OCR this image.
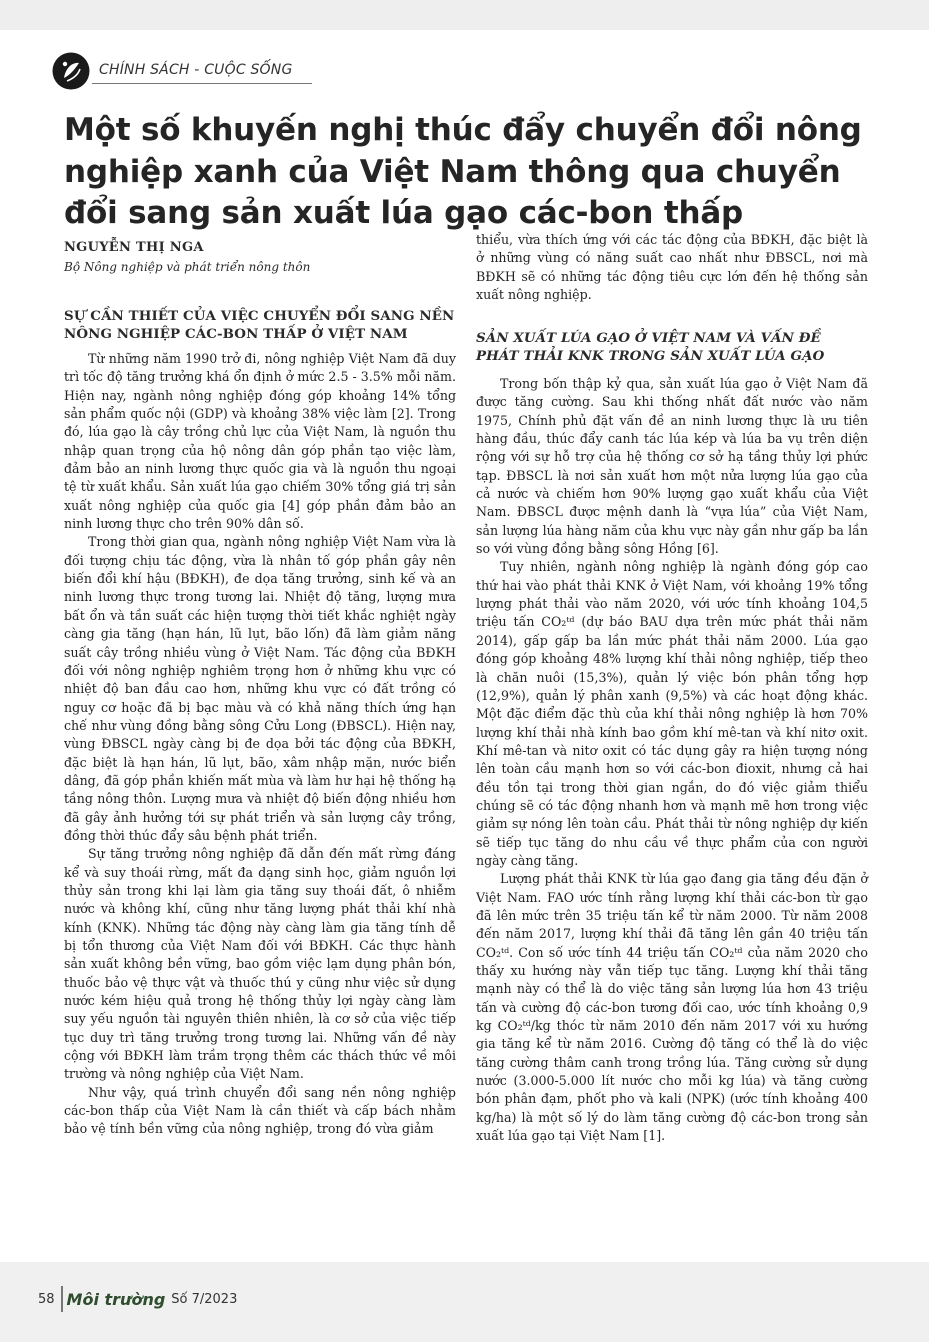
CHÍNH SÁCH - CUỘC SỐNG
Một số khuyến nghị thúc đẩy chuyển đổi nông nghiệp xanh của Việt Nam thông qua chuyển đổi sang sản xuất lúa gạo các-bon thấp
NGUYỄN THỊ NGA
Bộ Nông nghiệp và phát triển nông thôn
SỰ CẦN THIẾT CỦA VIỆC CHUYỂN ĐỔI SANG NỀN NÔNG NGHIỆP CÁC-BON THẤP Ở VIỆT NAM

Từ những năm 1990 trở đi, nông nghiệp Việt Nam đã duy trì tốc độ tăng trưởng khá ổn định ở mức 2.5 - 3.5% mỗi năm. Hiện nay, ngành nông nghiệp đóng góp khoảng 14% tổng sản phẩm quốc nội (GDP) và khoảng 38% việc làm [2]. Trong đó, lúa gạo là cây trồng chủ lực của Việt Nam, là nguồn thu nhập quan trọng của hộ nông dân góp phần tạo việc làm, đảm bảo an ninh lương thực quốc gia và là nguồn thu ngoại tệ từ xuất khẩu. Sản xuất lúa gạo chiếm 30% tổng giá trị sản xuất nông nghiệp của quốc gia [4] góp phần đảm bảo an ninh lương thực cho trên 90% dân số.

Trong thời gian qua, ngành nông nghiệp Việt Nam vừa là đối tượng chịu tác động, vừa là nhân tố góp phần gây nên biến đổi khí hậu (BĐKH), đe dọa tăng trưởng, sinh kế và an ninh lương thực trong tương lai. Nhiệt độ tăng, lượng mưa bất ổn và tần suất các hiện tượng thời tiết khắc nghiệt ngày càng gia tăng (hạn hán, lũ lụt, bão lốn) đã làm giảm năng suất cây trồng nhiều vùng ở Việt Nam. Tác động của BĐKH đối với nông nghiệp nghiêm trọng hơn ở những khu vực có nhiệt độ ban đầu cao hơn, những khu vực có đất trồng có nguy cơ hoặc đã bị bạc màu và có khả năng thích ứng hạn chế như vùng đồng bằng sông Cửu Long (ĐBSCL). Hiện nay, vùng ĐBSCL ngày càng bị đe dọa bởi tác động của BĐKH, đặc biệt là hạn hán, lũ lụt, bão, xâm nhập mặn, nước biển dâng, đã góp phần khiến mất mùa và làm hư hại hệ thống hạ tầng nông thôn. Lượng mưa và nhiệt độ biến động nhiều hơn đã gây ảnh hưởng tới sự phát triển và sản lượng cây trồng, đồng thời thúc đẩy sâu bệnh phát triển.

Sự tăng trưởng nông nghiệp đã dẫn đến mất rừng đáng kể và suy thoái rừng, mất đa dạng sinh học, giảm nguồn lợi thủy sản trong khi lại làm gia tăng suy thoái đất, ô nhiễm nước và không khí, cũng như tăng lượng phát thải khí nhà kính (KNK). Những tác động này càng làm gia tăng tính dễ bị tổn thương của Việt Nam đối với BĐKH. Các thực hành sản xuất không bền vững, bao gồm việc lạm dụng phân bón, thuốc bảo vệ thực vật và thuốc thú y cũng như việc sử dụng nước kém hiệu quả trong hệ thống thủy lợi ngày càng làm suy yếu nguồn tài nguyên thiên nhiên, là cơ sở của việc tiếp tục duy trì tăng trưởng trong tương lai. Những vấn đề này cộng với BĐKH làm trầm trọng thêm các thách thức về môi trường và nông nghiệp của Việt Nam.

Như vậy, quá trình chuyển đổi sang nền nông nghiệp các-bon thấp của Việt Nam là cần thiết và cấp bách nhằm bảo vệ tính bền vững của nông nghiệp, trong đó vừa giảm

thiểu, vừa thích ứng với các tác động của BĐKH, đặc biệt là ở những vùng có năng suất cao nhất như ĐBSCL, nơi mà BĐKH sẽ có những tác động tiêu cực lớn đến hệ thống sản xuất nông nghiệp.

SẢN XUẤT LÚA GẠO Ở VIỆT NAM VÀ VẤN ĐỀ PHÁT THẢI KNK TRONG SẢN XUẤT LÚA GẠO

Trong bốn thập kỷ qua, sản xuất lúa gạo ở Việt Nam đã được tăng cường. Sau khi thống nhất đất nước vào năm 1975, Chính phủ đặt vấn đề an ninh lương thực là ưu tiên hàng đầu, thúc đẩy canh tác lúa kép và lúa ba vụ trên diện rộng với sự hỗ trợ của hệ thống cơ sở hạ tầng thủy lợi phức tạp. ĐBSCL là nơi sản xuất hơn một nửa lượng lúa gạo của cả nước và chiếm hơn 90% lượng gạo xuất khẩu của Việt Nam. ĐBSCL được mệnh danh là “vựa lúa” của Việt Nam, sản lượng lúa hàng năm của khu vực này gần như gấp ba lần so với vùng đồng bằng sông Hồng [6].

Tuy nhiên, ngành nông nghiệp là ngành đóng góp cao thứ hai vào phát thải KNK ở Việt Nam, với khoảng 19% tổng lượng phát thải vào năm 2020, với ước tính khoảng 104,5 triệu tấn CO₂ᵗᵈ (dự báo BAU dựa trên mức phát thải năm 2014), gấp gấp ba lần mức phát thải năm 2000. Lúa gạo đóng góp khoảng 48% lượng khí thải nông nghiệp, tiếp theo là chăn nuôi (15,3%), quản lý việc bón phân tổng hợp (12,9%), quản lý phân xanh (9,5%) và các hoạt động khác. Một đặc điểm đặc thù của khí thải nông nghiệp là hơn 70% lượng khí thải nhà kính bao gồm khí mê-tan và khí nitơ oxit. Khí mê-tan và nitơ oxit có tác dụng gây ra hiện tượng nóng lên toàn cầu mạnh hơn so với các-bon đioxit, nhưng cả hai đều tồn tại trong thời gian ngắn, do đó việc giảm thiểu chúng sẽ có tác động nhanh hơn và mạnh mẽ hơn trong việc giảm sự nóng lên toàn cầu. Phát thải từ nông nghiệp dự kiến sẽ tiếp tục tăng do nhu cầu về thực phẩm của con người ngày càng tăng.

Lượng phát thải KNK từ lúa gạo đang gia tăng đều đặn ở Việt Nam. FAO ước tính rằng lượng khí thải các-bon từ gạo đã lên mức trên 35 triệu tấn kể từ năm 2000. Từ năm 2008 đến năm 2017, lượng khí thải đã tăng lên gần 40 triệu tấn CO₂ᵗᵈ. Con số ước tính 44 triệu tấn CO₂ᵗᵈ của năm 2020 cho thấy xu hướng này vẫn tiếp tục tăng. Lượng khí thải tăng mạnh này có thể là do việc tăng sản lượng lúa hơn 43 triệu tấn và cường độ các-bon tương đối cao, ước tính khoảng 0,9 kg CO₂ᵗᵈ/kg thóc từ năm 2010 đến năm 2017 với xu hướng gia tăng kể từ năm 2016. Cường độ tăng có thể là do việc tăng cường thâm canh trong trồng lúa. Tăng cường sử dụng nước (3.000-5.000 lít nước cho mỗi kg lúa) và tăng cường bón phân đạm, phốt pho và kali (NPK) (ước tính khoảng 400 kg/ha) là một số lý do làm tăng cường độ các-bon trong sản xuất lúa gạo tại Việt Nam [1].

58 Môi trường Số 7/2023
